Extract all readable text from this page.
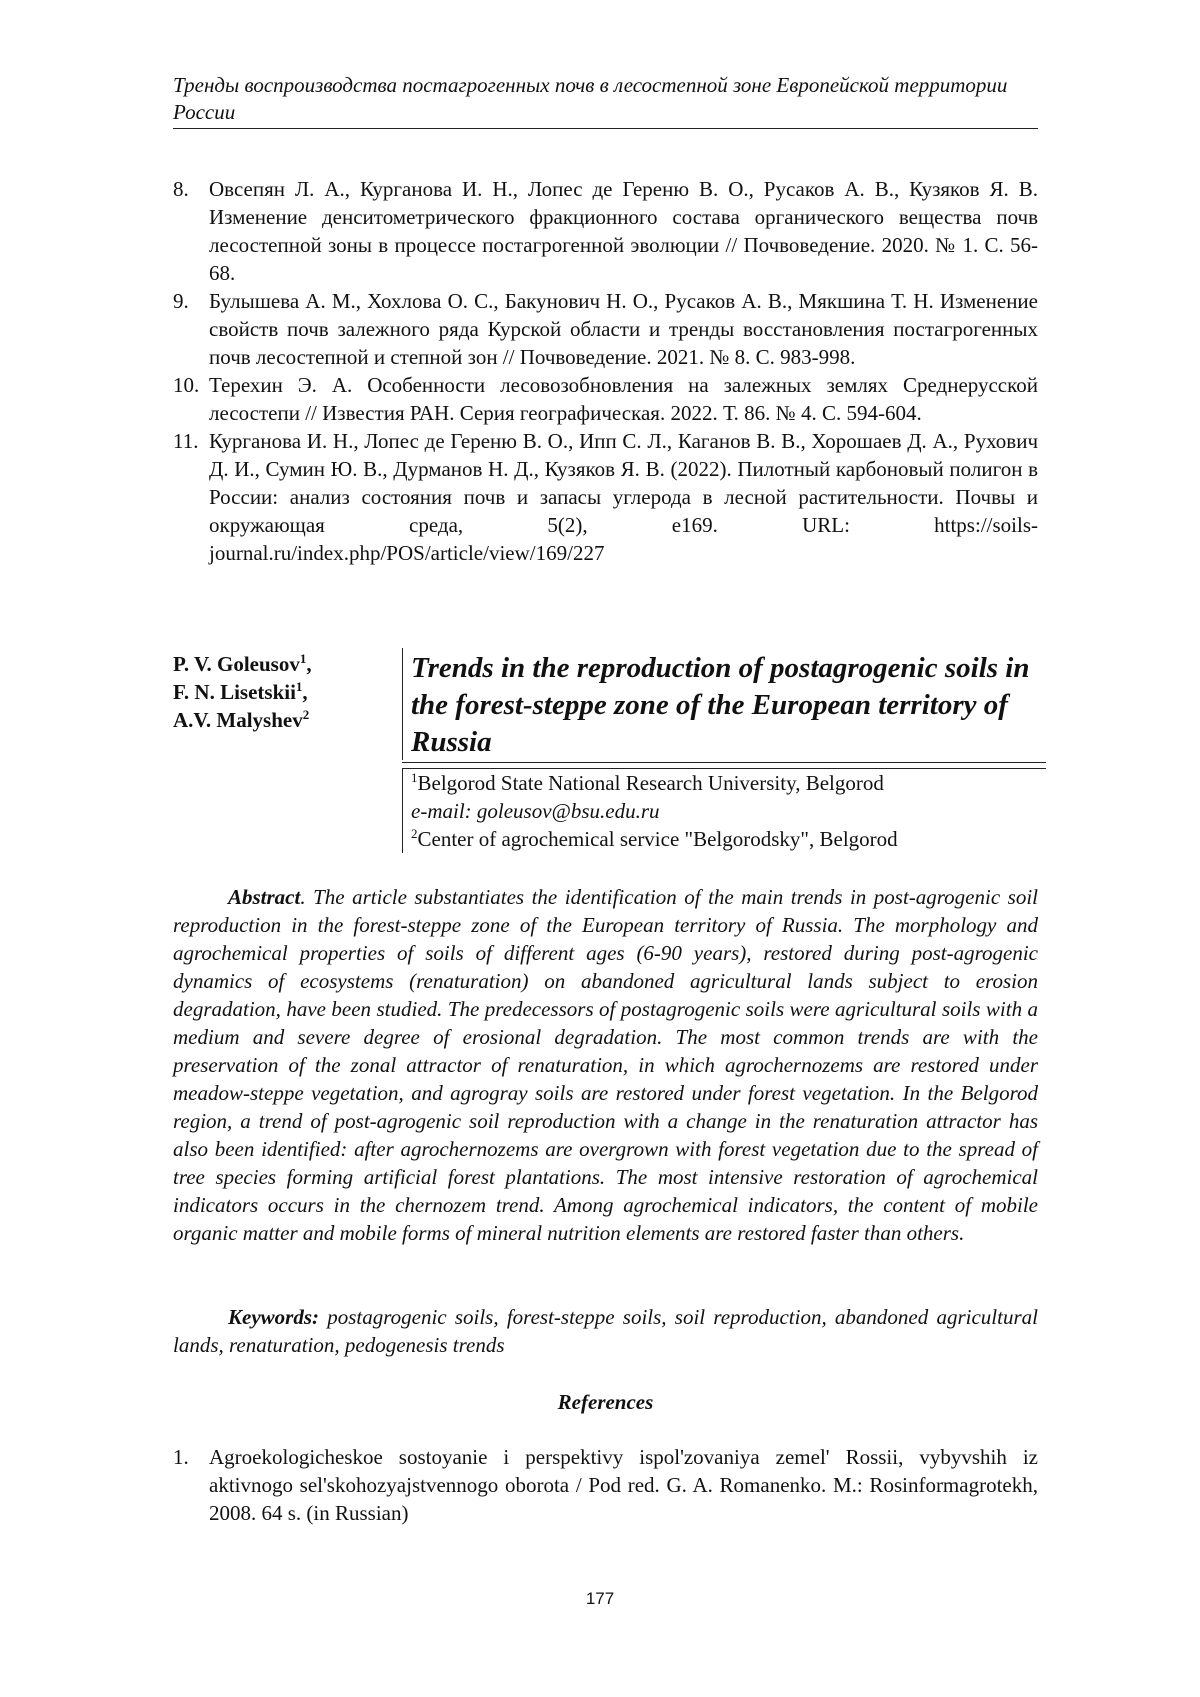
Тренды воспроизводства постагрогенных почв в лесостепной зоне Европейской территории России
8. Овсепян Л. А., Курганова И. Н., Лопес де Гереню В. О., Русаков А. В., Кузяков Я. В. Изменение денситометрического фракционного состава органического вещества почв лесостепной зоны в процессе постагрогенной эволюции // Почвоведение. 2020. № 1. С. 56-68.
9. Булышева А. М., Хохлова О. С., Бакунович Н. О., Русаков А. В., Мякшина Т. Н. Изменение свойств почв залежного ряда Курской области и тренды восстановления постагрогенных почв лесостепной и степной зон // Почвоведение. 2021. № 8. С. 983-998.
10. Терехин Э. А. Особенности лесовозобновления на залежных землях Среднерусской лесостепи // Известия РАН. Серия географическая. 2022. Т. 86. № 4. С. 594-604.
11. Курганова И. Н., Лопес де Гереню В. О., Ипп С. Л., Каганов В. В., Хорошаев Д. А., Рухович Д. И., Сумин Ю. В., Дурманов Н. Д., Кузяков Я. В. (2022). Пилотный карбоновый полигон в России: анализ состояния почв и запасы углерода в лесной растительности. Почвы и окружающая среда, 5(2), e169. URL: https://soils-journal.ru/index.php/POS/article/view/169/227
P. V. Goleusov1,
F. N. Lisetskii1,
A.V. Malyshev2
Trends in the reproduction of postagrogenic soils in the forest-steppe zone of the European territory of Russia
1Belgorod State National Research University, Belgorod
e-mail: goleusov@bsu.edu.ru
2Center of agrochemical service "Belgorodsky", Belgorod

Abstract. The article substantiates the identification of the main trends in post-agrogenic soil reproduction in the forest-steppe zone of the European territory of Russia. The morphology and agrochemical properties of soils of different ages (6-90 years), restored during post-agrogenic dynamics of ecosystems (renaturation) on abandoned agricultural lands subject to erosion degradation, have been studied. The predecessors of postagrogenic soils were agricultural soils with a medium and severe degree of erosional degradation. The most common trends are with the preservation of the zonal attractor of renaturation, in which agrochernozems are restored under meadow-steppe vegetation, and agrogray soils are restored under forest vegetation. In the Belgorod region, a trend of post-agrogenic soil reproduction with a change in the renaturation attractor has also been identified: after agrochernozems are overgrown with forest vegetation due to the spread of tree species forming artificial forest plantations. The most intensive restoration of agrochemical indicators occurs in the chernozem trend. Among agrochemical indicators, the content of mobile organic matter and mobile forms of mineral nutrition elements are restored faster than others.

Keywords: postagrogenic soils, forest-steppe soils, soil reproduction, abandoned agricultural lands, renaturation, pedogenesis trends

References
1. Agroekologicheskoe sostoyanie i perspektivy ispol'zovaniya zemel' Rossii, vybyvshih iz aktivnogo sel'skohozyajstvennogo oborota / Pod red. G. A. Romanenko. M.: Rosinformagrotekh, 2008. 64 s. (in Russian)
177
